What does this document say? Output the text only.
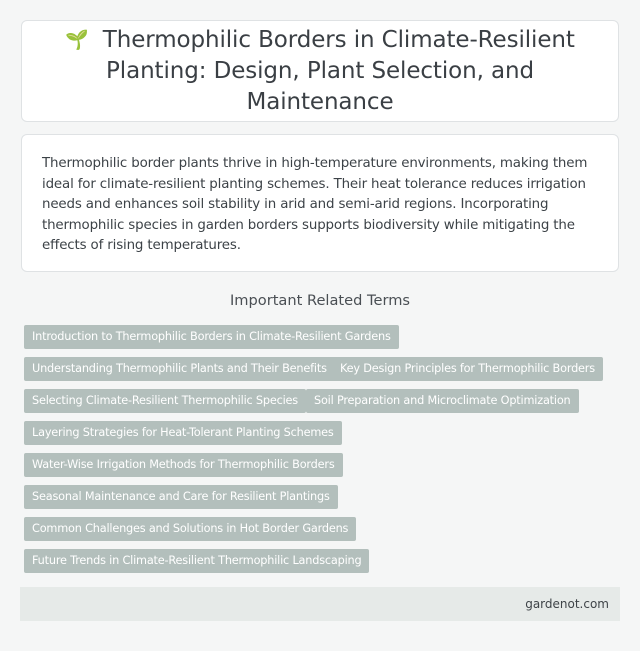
🌱 Thermophilic Borders in Climate-Resilient Planting: Design, Plant Selection, and Maintenance

Thermophilic border plants thrive in high-temperature environments, making them ideal for climate-resilient planting schemes. Their heat tolerance reduces irrigation needs and enhances soil stability in arid and semi-arid regions. Incorporating thermophilic species in garden borders supports biodiversity while mitigating the effects of rising temperatures.

Important Related Terms
Introduction to Thermophilic Borders in Climate-Resilient Gardens
Understanding Thermophilic Plants and Their Benefits	Key Design Principles for Thermophilic Borders
Selecting Climate-Resilient Thermophilic Species	Soil Preparation and Microclimate Optimization
Layering Strategies for Heat-Tolerant Planting Schemes
Water-Wise Irrigation Methods for Thermophilic Borders
Seasonal Maintenance and Care for Resilient Plantings
Common Challenges and Solutions in Hot Border Gardens
Future Trends in Climate-Resilient Thermophilic Landscaping
gardenot.com
